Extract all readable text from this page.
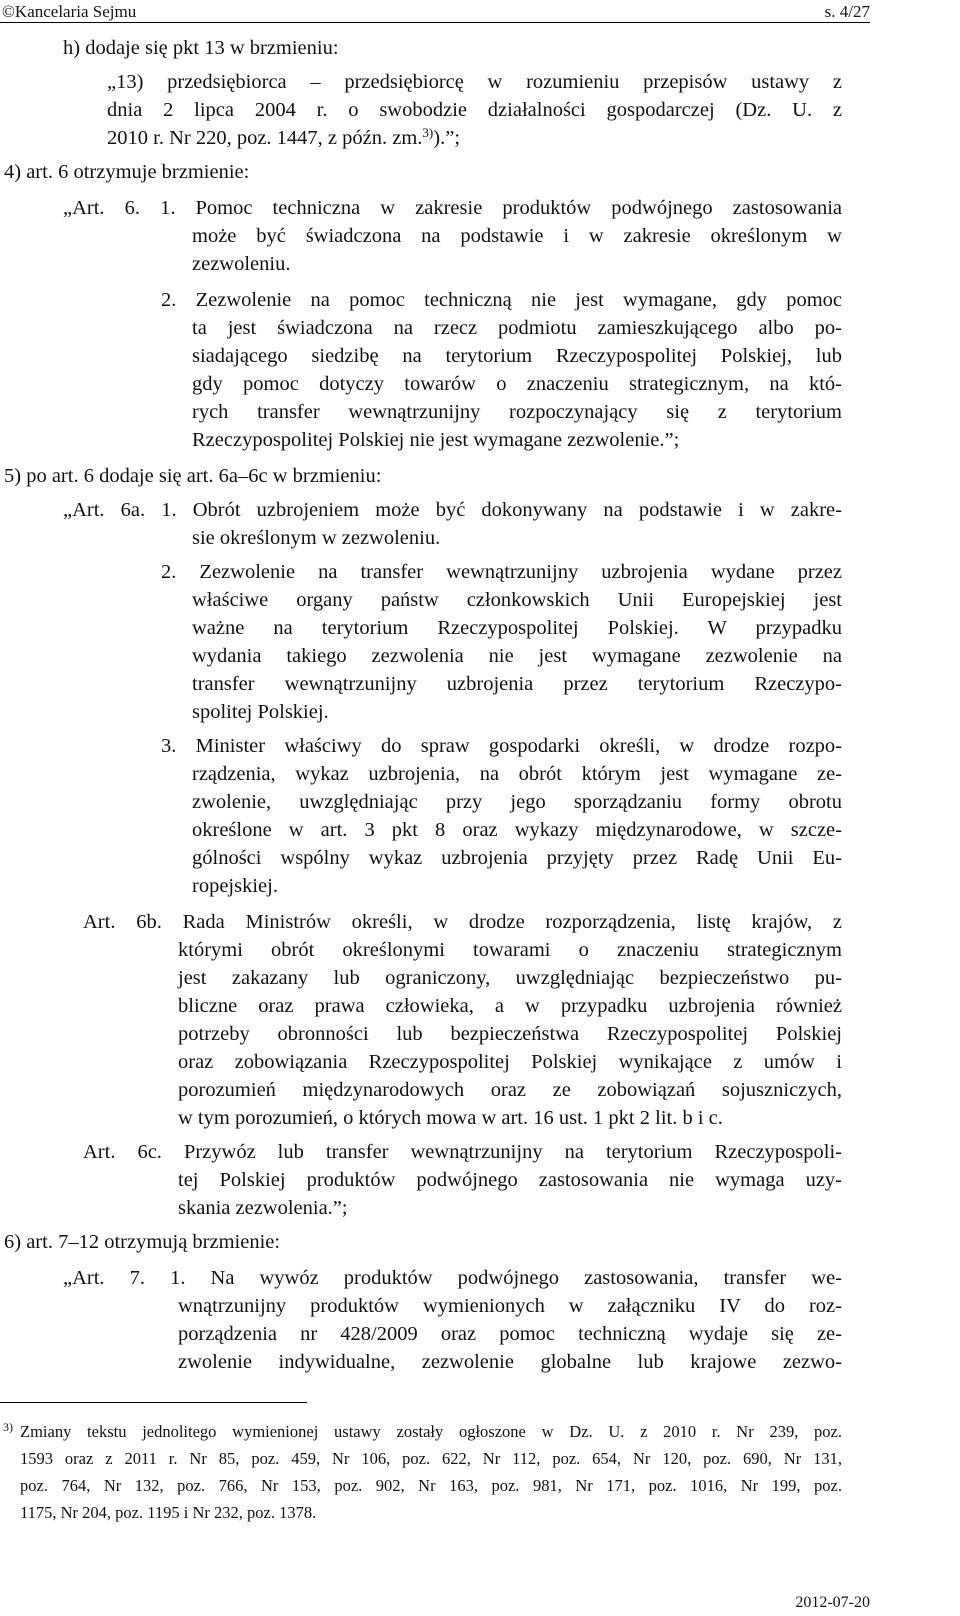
©Kancelaria Sejmu	s. 4/27
h) dodaje się pkt 13 w brzmieniu:
„13) przedsiębiorca – przedsiębiorcę w rozumieniu przepisów ustawy z
dnia 2 lipca 2004 r. o swobodzie działalności gospodarczej (Dz. U. z
2010 r. Nr 220, poz. 1447, z późn. zm.$^{3)}$).”;
4) art. 6 otrzymuje brzmienie:
„Art. 6. 1. Pomoc techniczna w zakresie produktów podwójnego zastosowania
może być świadczona na podstawie i w zakresie określonym w
zezwoleniu.
2. Zezwolenie na pomoc techniczną nie jest wymagane, gdy pomoc
ta jest świadczona na rzecz podmiotu zamieszkującego albo po-
siadającego siedzibę na terytorium Rzeczypospolitej Polskiej, lub
gdy pomoc dotyczy towarów o znaczeniu strategicznym, na któ-
rych transfer wewnątrzunijny rozpoczynający się z terytorium
Rzeczypospolitej Polskiej nie jest wymagane zezwolenie.”;
5) po art. 6 dodaje się art. 6a–6c w brzmieniu:
„Art. 6a. 1. Obrót uzbrojeniem może być dokonywany na podstawie i w zakre-
sie określonym w zezwoleniu.
2. Zezwolenie na transfer wewnątrzunijny uzbrojenia wydane przez
właściwe organy państw członkowskich Unii Europejskiej jest
ważne na terytorium Rzeczypospolitej Polskiej. W przypadku
wydania takiego zezwolenia nie jest wymagane zezwolenie na
transfer wewnątrzunijny uzbrojenia przez terytorium Rzeczypo-
spolitej Polskiej.
3. Minister właściwy do spraw gospodarki określi, w drodze rozpo-
rządzenia, wykaz uzbrojenia, na obrót którym jest wymagane ze-
zwolenie, uwzględniając przy jego sporządzaniu formy obrotu
określone w art. 3 pkt 8 oraz wykazy międzynarodowe, w szcze-
gólności wspólny wykaz uzbrojenia przyjęty przez Radę Unii Eu-
ropejskiej.
Art. 6b. Rada Ministrów określi, w drodze rozporządzenia, listę krajów, z
którymi obrót określonymi towarami o znaczeniu strategicznym
jest zakazany lub ograniczony, uwzględniając bezpieczeństwo pu-
bliczne oraz prawa człowieka, a w przypadku uzbrojenia również
potrzeby obronności lub bezpieczeństwa Rzeczypospolitej Polskiej
oraz zobowiązania Rzeczypospolitej Polskiej wynikające z umów i
porozumień międzynarodowych oraz ze zobowiązań sojuszniczych,
w tym porozumień, o których mowa w art. 16 ust. 1 pkt 2 lit. b i c.
Art. 6c. Przywóz lub transfer wewnątrzunijny na terytorium Rzeczypospoli-
tej Polskiej produktów podwójnego zastosowania nie wymaga uzy-
skania zezwolenia.”;
6) art. 7–12 otrzymują brzmienie:
„Art. 7. 1. Na wywóz produktów podwójnego zastosowania, transfer we-
wnątrzunijny produktów wymienionych w załączniku IV do roz-
porządzenia nr 428/2009 oraz pomoc techniczną wydaje się ze-
zwolenie indywidualne, zezwolenie globalne lub krajowe zezwo-
3) Zmiany tekstu jednolitego wymienionej ustawy zostały ogłoszone w Dz. U. z 2010 r. Nr 239, poz.
1593 oraz z 2011 r. Nr 85, poz. 459, Nr 106, poz. 622, Nr 112, poz. 654, Nr 120, poz. 690, Nr 131,
poz. 764, Nr 132, poz. 766, Nr 153, poz. 902, Nr 163, poz. 981, Nr 171, poz. 1016, Nr 199, poz.
1175, Nr 204, poz. 1195 i Nr 232, poz. 1378.
2012-07-20
